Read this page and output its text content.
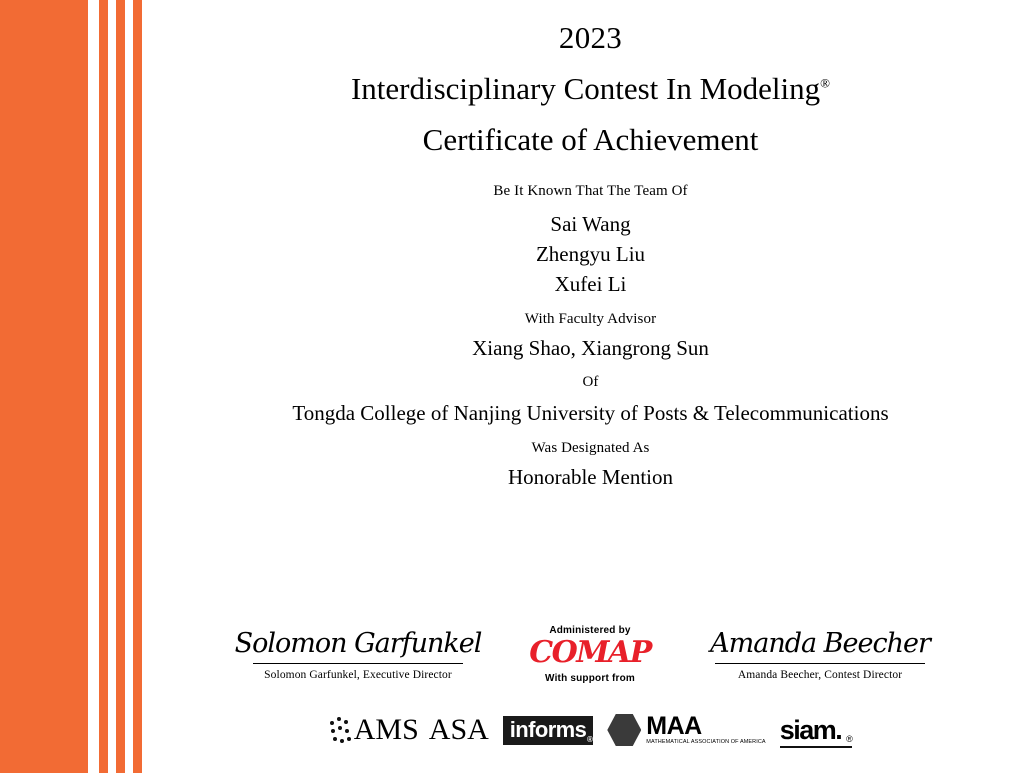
2023
Interdisciplinary Contest In Modeling®
Certificate of Achievement
Be It Known That The Team Of
Sai Wang
Zhengyu Liu
Xufei Li
With Faculty Advisor
Xiang Shao, Xiangrong Sun
Of
Tongda College of Nanjing University of Posts & Telecommunications
Was Designated As
Honorable Mention
Solomon Garfunkel
Solomon Garfunkel, Executive Director
Amanda Beecher
Amanda Beecher, Contest Director
Administered by
COMAP
With support from
AMS ASA informs ® MAA
MATHEMATICAL ASSOCIATION OF AMERICA siam. ®
